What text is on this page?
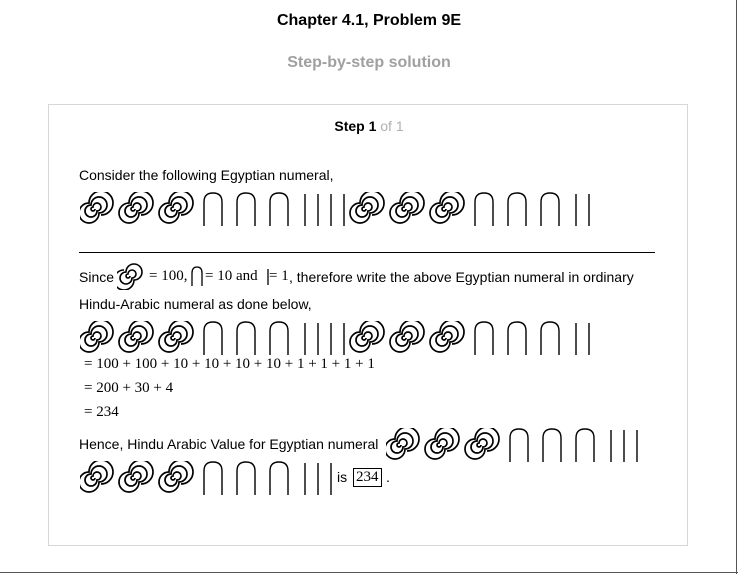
Chapter 4.1, Problem 9E
Step-by-step solution
Step 1 of 1
Consider the following Egyptian numeral,
Since = 100, = 10 and = 1 , therefore write the above Egyptian numeral in ordinary
Hindu-Arabic numeral as done below,
= 100 + 100 + 10 + 10 + 10 + 10 + 1 + 1 + 1 + 1
= 200 + 30 + 4
= 234
Hence, Hindu Arabic Value for Egyptian numeral
is 234 .
